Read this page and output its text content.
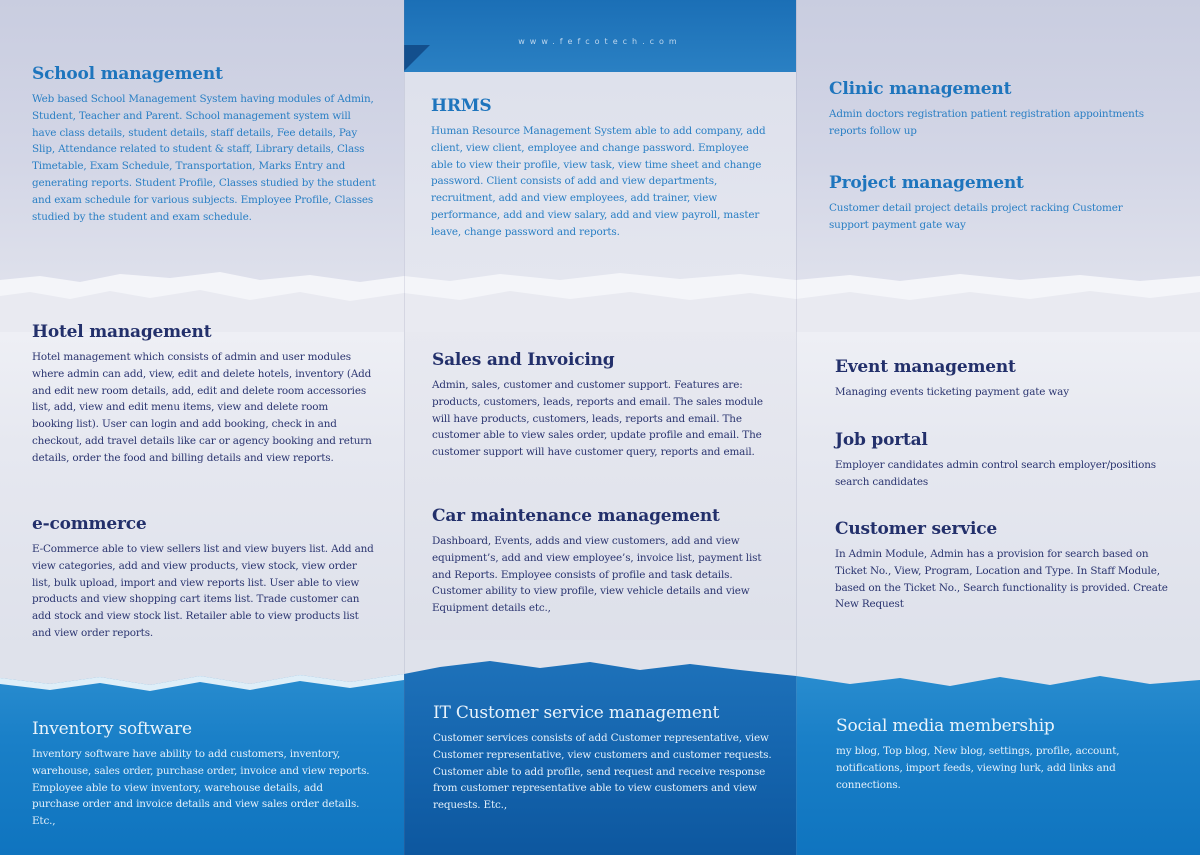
www.fefcotech.com
School management

Web based School Management System having modules of Admin, Student, Teacher and Parent. School management system will have class details, student details, staff details, Fee details, Pay Slip, Attendance related to student & staff, Library details, Class Timetable, Exam Schedule, Transportation, Marks Entry and generating reports. Student Profile, Classes studied by the student and exam schedule for various subjects. Employee Profile, Classes studied by the student and exam schedule.

HRMS

Human Resource Management System able to add company, add client, view client, employee and change password. Employee able to view their profile, view task, view time sheet and change password. Client consists of add and view departments, recruitment, add and view employees, add trainer, view performance, add and view salary, add and view payroll, master leave, change password and reports.

Clinic management

Admin doctors registration patient registration appointments reports follow up

Project management

Customer detail project details project racking Customer support payment gate way

Hotel management

Hotel management which consists of admin and user modules where admin can add, view, edit and delete hotels, inventory (Add and edit new room details, add, edit and delete room accessories list, add, view and edit menu items, view and delete room booking list). User can login and add booking, check in and checkout, add travel details like car or agency booking and return details, order the food and billing details and view reports.

e-commerce

E-Commerce able to view sellers list and view buyers list. Add and view categories, add and view products, view stock, view order list, bulk upload, import and view reports list. User able to view products and view shopping cart items list. Trade customer can add stock and view stock list. Retailer able to view products list and view order reports.

Sales and Invoicing

Admin, sales, customer and customer support. Features are: products, customers, leads, reports and email. The sales module will have products, customers, leads, reports and email. The customer able to view sales order, update profile and email. The customer support will have customer query, reports and email.

Car maintenance management

Dashboard, Events, adds and view customers, add and view equipment’s, add and view employee’s, invoice list, payment list and Reports. Employee consists of profile and task details. Customer ability to view profile, view vehicle details and view Equipment details etc.,

Event management

Managing events ticketing payment gate way

Job portal

Employer candidates admin control search employer/positions search candidates

Customer service

In Admin Module, Admin has a provision for search based on Ticket No., View, Program, Location and Type. In Staff Module, based on the Ticket No., Search functionality is provided. Create New Request

Inventory software

Inventory software have ability to add customers, inventory, warehouse, sales order, purchase order, invoice and view reports. Employee able to view inventory, warehouse details, add purchase order and invoice details and view sales order details. Etc.,

IT Customer service management

Customer services consists of add Customer representative, view Customer representative, view customers and customer requests. Customer able to add profile, send request and receive response from customer representative able to view customers and view requests. Etc.,

Social media membership

my blog, Top blog, New blog, settings, profile, account, notifications, import feeds, viewing lurk, add links and connections.
